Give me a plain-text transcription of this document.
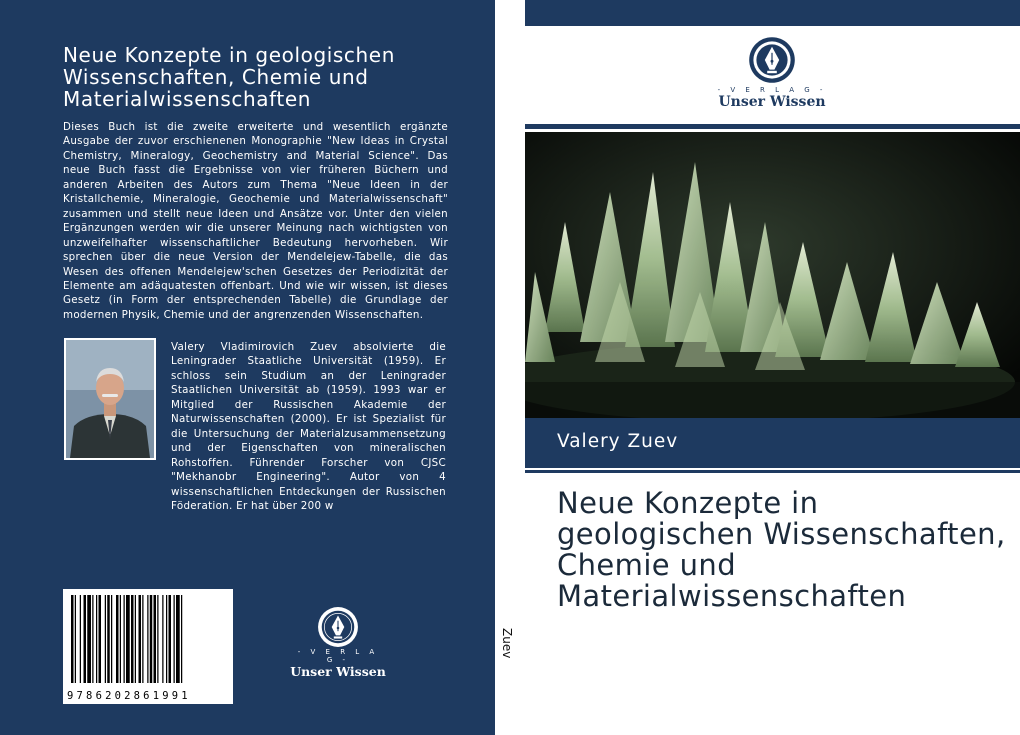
Neue Konzepte in geologischen Wissenschaften, Chemie und Materialwissenschaften

Dieses Buch ist die zweite erweiterte und wesentlich ergänzte Ausgabe der zuvor erschienenen Monographie "New Ideas in Crystal Chemistry, Mineralogy, Geochemistry and Material Science". Das neue Buch fasst die Ergebnisse von vier früheren Büchern und anderen Arbeiten des Autors zum Thema "Neue Ideen in der Kristallchemie, Mineralogie, Geochemie und Materialwissenschaft" zusammen und stellt neue Ideen und Ansätze vor. Unter den vielen Ergänzungen werden wir die unserer Meinung nach wichtigsten von unzweifelhafter wissenschaftlicher Bedeutung hervorheben. Wir sprechen über die neue Version der Mendelejew-Tabelle, die das Wesen des offenen Mendelejew'schen Gesetzes der Periodizität der Elemente am adäquatesten offenbart. Und wie wir wissen, ist dieses Gesetz (in Form der entsprechenden Tabelle) die Grundlage der modernen Physik, Chemie und der angrenzenden Wissenschaften.

Valery Vladimirovich Zuev absolvierte die Leningrader Staatliche Universität (1959). Er schloss sein Studium an der Leningrader Staatlichen Universität ab (1959). 1993 war er Mitglied der Russischen Akademie der Naturwissenschaften (2000). Er ist Spezialist für die Untersuchung der Materialzusammensetzung und der Eigenschaften von mineralischen Rohstoffen. Führender Forscher von CJSC "Mekhanobr Engineering". Autor von 4 wissenschaftlichen Entdeckungen der Russischen Föderation. Er hat über 200 w

9786202861991
- V E R L A G -
Unser Wissen
Zuev
- V E R L A G -
Unser Wissen
Valery Zuev
Neue Konzepte in geologischen Wissenschaften, Chemie und Materialwissenschaften
